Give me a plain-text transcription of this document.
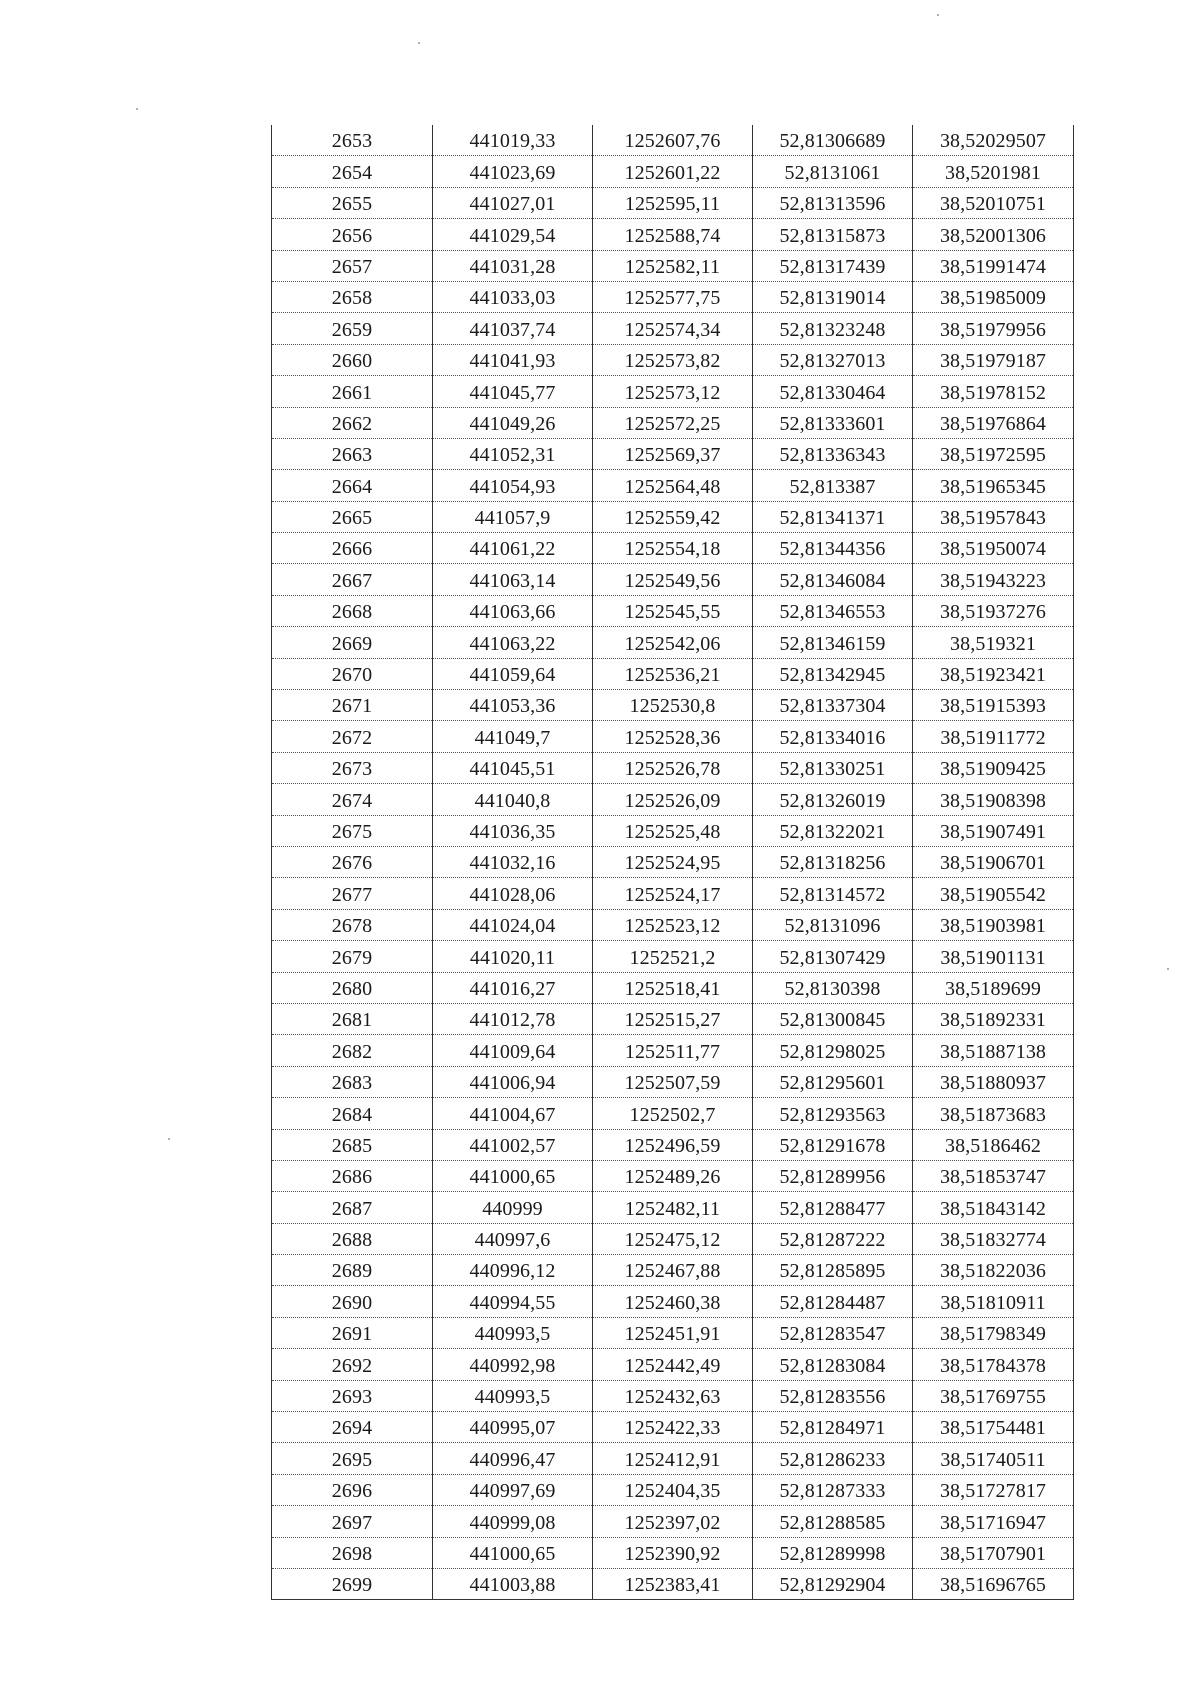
2653	441019,33	1252607,76	52,81306689	38,52029507
2654	441023,69	1252601,22	52,8131061	38,5201981
2655	441027,01	1252595,11	52,81313596	38,52010751
2656	441029,54	1252588,74	52,81315873	38,52001306
2657	441031,28	1252582,11	52,81317439	38,51991474
2658	441033,03	1252577,75	52,81319014	38,51985009
2659	441037,74	1252574,34	52,81323248	38,51979956
2660	441041,93	1252573,82	52,81327013	38,51979187
2661	441045,77	1252573,12	52,81330464	38,51978152
2662	441049,26	1252572,25	52,81333601	38,51976864
2663	441052,31	1252569,37	52,81336343	38,51972595
2664	441054,93	1252564,48	52,813387	38,51965345
2665	441057,9	1252559,42	52,81341371	38,51957843
2666	441061,22	1252554,18	52,81344356	38,51950074
2667	441063,14	1252549,56	52,81346084	38,51943223
2668	441063,66	1252545,55	52,81346553	38,51937276
2669	441063,22	1252542,06	52,81346159	38,519321
2670	441059,64	1252536,21	52,81342945	38,51923421
2671	441053,36	1252530,8	52,81337304	38,51915393
2672	441049,7	1252528,36	52,81334016	38,51911772
2673	441045,51	1252526,78	52,81330251	38,51909425
2674	441040,8	1252526,09	52,81326019	38,51908398
2675	441036,35	1252525,48	52,81322021	38,51907491
2676	441032,16	1252524,95	52,81318256	38,51906701
2677	441028,06	1252524,17	52,81314572	38,51905542
2678	441024,04	1252523,12	52,8131096	38,51903981
2679	441020,11	1252521,2	52,81307429	38,51901131
2680	441016,27	1252518,41	52,8130398	38,5189699
2681	441012,78	1252515,27	52,81300845	38,51892331
2682	441009,64	1252511,77	52,81298025	38,51887138
2683	441006,94	1252507,59	52,81295601	38,51880937
2684	441004,67	1252502,7	52,81293563	38,51873683
2685	441002,57	1252496,59	52,81291678	38,5186462
2686	441000,65	1252489,26	52,81289956	38,51853747
2687	440999	1252482,11	52,81288477	38,51843142
2688	440997,6	1252475,12	52,81287222	38,51832774
2689	440996,12	1252467,88	52,81285895	38,51822036
2690	440994,55	1252460,38	52,81284487	38,51810911
2691	440993,5	1252451,91	52,81283547	38,51798349
2692	440992,98	1252442,49	52,81283084	38,51784378
2693	440993,5	1252432,63	52,81283556	38,51769755
2694	440995,07	1252422,33	52,81284971	38,51754481
2695	440996,47	1252412,91	52,81286233	38,51740511
2696	440997,69	1252404,35	52,81287333	38,51727817
2697	440999,08	1252397,02	52,81288585	38,51716947
2698	441000,65	1252390,92	52,81289998	38,51707901
2699	441003,88	1252383,41	52,81292904	38,51696765
